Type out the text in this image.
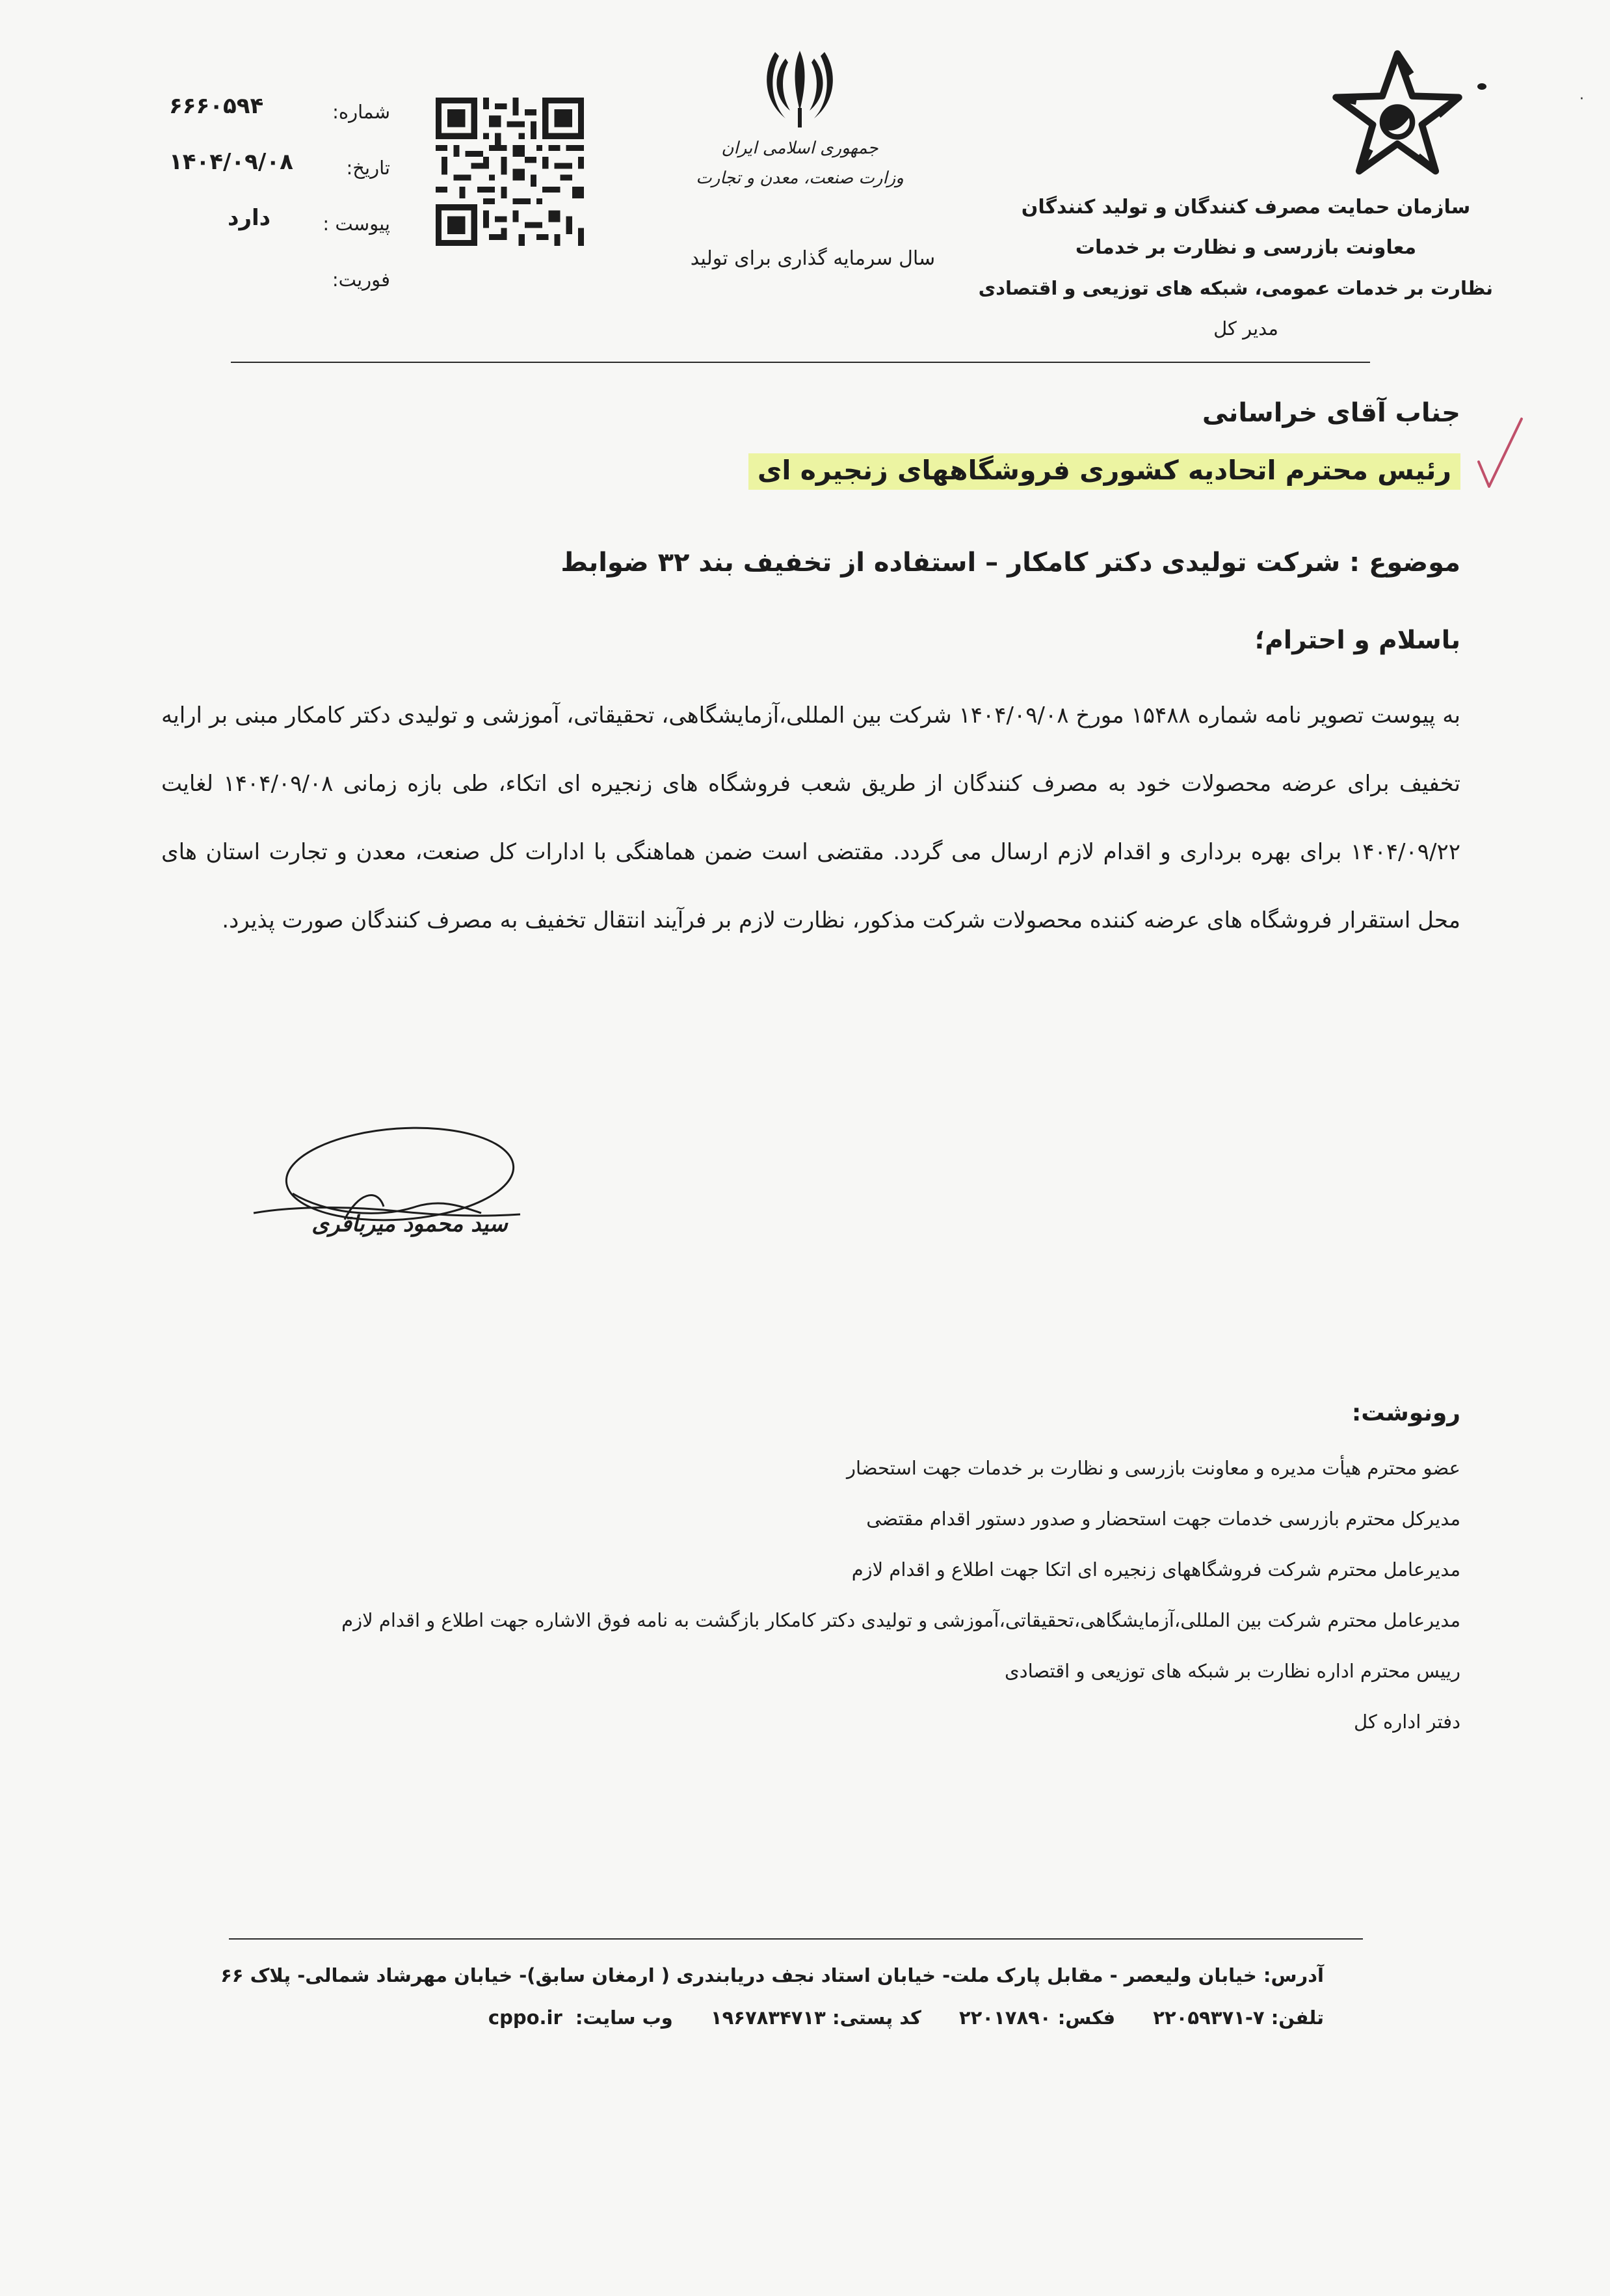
·
سازمان حمایت مصرف کنندگان و تولید کنندگان
معاونت بازرسی و نظارت بر خدمات
نظارت بر خدمات عمومی، شبکه های توزیعی و اقتصادی
مدیر کل
جمهوری اسلامی ایران
وزارت صنعت، معدن و تجارت
سال سرمایه گذاری برای تولید
شماره:
۶۶۶۰۵۹۴
تاریخ:
۱۴۰۴/۰۹/۰۸
پیوست :
دارد
فوریت:
جناب آقای خراسانی
رئیس محترم اتحادیه کشوری فروشگاههای زنجیره ای
موضوع : شرکت تولیدی دکتر کامکار – استفاده از تخفیف بند ۳۲ ضوابط
باسلام و احترام؛
به پیوست تصویر نامه شماره ۱۵۴۸۸ مورخ ۱۴۰۴/۰۹/۰۸ شرکت بین المللی،آزمایشگاهی، تحقیقاتی، آموزشی و تولیدی دکتر کامکار مبنی بر ارایه تخفیف برای عرضه محصولات خود به مصرف کنندگان از طریق شعب فروشگاه های زنجیره ای اتکاء، طی بازه زمانی ۱۴۰۴/۰۹/۰۸ لغایت ۱۴۰۴/۰۹/۲۲ برای بهره برداری و اقدام لازم ارسال می گردد. مقتضی است ضمن هماهنگی با ادارات کل صنعت، معدن و تجارت استان های محل استقرار فروشگاه های عرضه کننده محصولات شرکت مذکور، نظارت لازم بر فرآیند انتقال تخفیف به مصرف کنندگان صورت پذیرد.
سید محمود میرباقری
رونوشت:
عضو محترم هیأت مدیره و معاونت بازرسی و نظارت بر خدمات جهت استحضار
مدیرکل محترم بازرسی خدمات جهت استحضار و صدور دستور اقدام مقتضی
مدیرعامل محترم شرکت فروشگاههای زنجیره ای اتکا جهت اطلاع و اقدام لازم
مدیرعامل محترم شرکت بین المللی،آزمایشگاهی،تحقیقاتی،آموزشی و تولیدی دکتر کامکار بازگشت به نامه فوق الاشاره جهت اطلاع و اقدام لازم
رییس محترم اداره نظارت بر شبکه های توزیعی و اقتصادی
دفتر اداره کل
آدرس: خیابان ولیعصر - مقابل پارک ملت- خیابان استاد نجف دریابندری ( ارمغان سابق)- خیابان مهرشاد شمالی- پلاک ۶۶
تلفن: ۷-۲۲۰۵۹۳۷۱ فکس: ۲۲۰۱۷۸۹۰ کد پستی: ۱۹۶۷۸۳۴۷۱۳ وب سایت: cppo.ir
